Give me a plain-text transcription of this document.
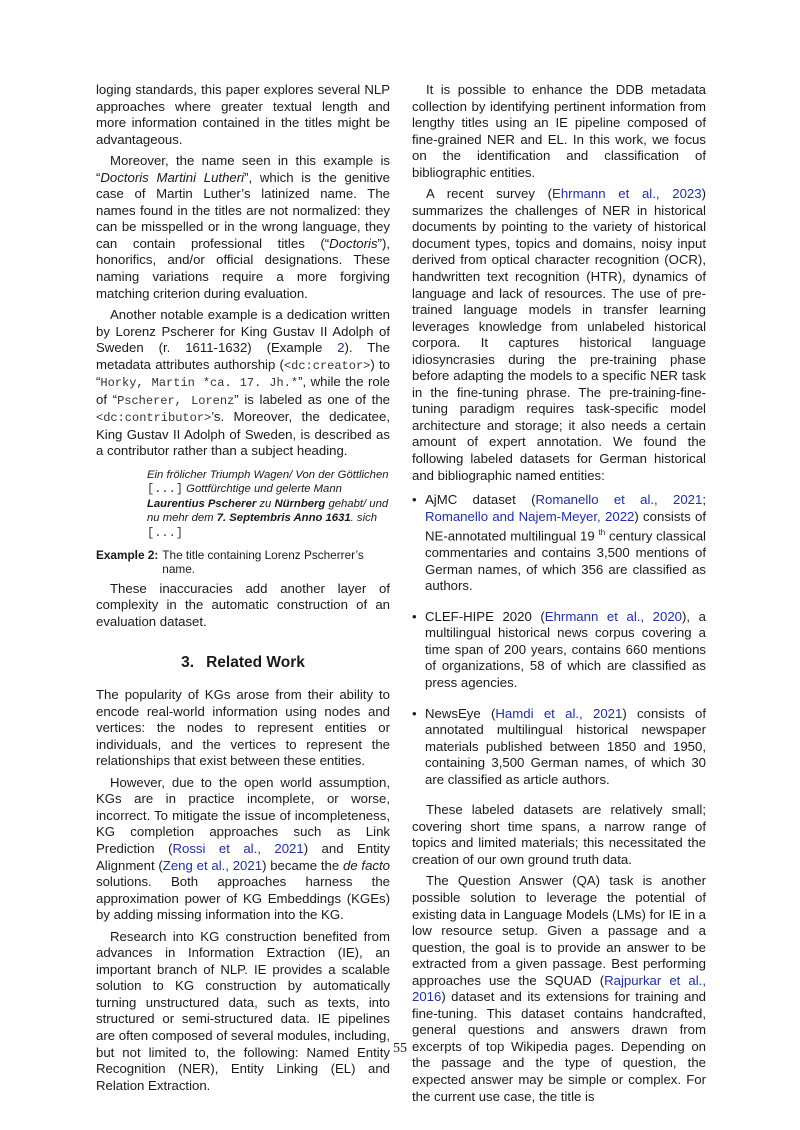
loging standards, this paper explores several NLP approaches where greater textual length and more information contained in the titles might be advantageous.

Moreover, the name seen in this example is “Doctoris Martini Lutheri”, which is the genitive case of Martin Luther’s latinized name. The names found in the titles are not normalized: they can be misspelled or in the wrong language, they can contain professional titles (“Doctoris”), honorifics, and/or official designations. These naming variations require a more forgiving matching criterion during evaluation.

Another notable example is a dedication written by Lorenz Pscherer for King Gustav II Adolph of Sweden (r. 1611-1632) (Example 2). The metadata attributes authorship (<dc:creator>) to “Horky, Martin *ca. 17. Jh.*”, while the role of “Pscherer, Lorenz” is labeled as one of the <dc:contributor>’s. Moreover, the dedicatee, King Gustav II Adolph of Sweden, is described as a contributor rather than a subject heading.

Ein frölicher Triumph Wagen/ Von der Göttlichen [...] Gottfürchtige und gelerte Mann Laurentius Pscherer zu Nürnberg gehabt/ und nu mehr dem 7. Septembris Anno 1631. sich [...]
Example 2: The title containing Lorenz Pscherrer’s name.

These inaccuracies add another layer of complexity in the automatic construction of an evaluation dataset.

3. Related Work

The popularity of KGs arose from their ability to encode real-world information using nodes and vertices: the nodes to represent entities or individuals, and the vertices to represent the relationships that exist between these entities.

However, due to the open world assumption, KGs are in practice incomplete, or worse, incorrect. To mitigate the issue of incompleteness, KG completion approaches such as Link Prediction (Rossi et al., 2021) and Entity Alignment (Zeng et al., 2021) became the de facto solutions. Both approaches harness the approximation power of KG Embeddings (KGEs) by adding missing information into the KG.

Research into KG construction benefited from advances in Information Extraction (IE), an important branch of NLP. IE provides a scalable solution to KG construction by automatically turning unstructured data, such as texts, into structured or semi-structured data. IE pipelines are often composed of several modules, including, but not limited to, the following: Named Entity Recognition (NER), Entity Linking (EL) and Relation Extraction.

It is possible to enhance the DDB metadata collection by identifying pertinent information from lengthy titles using an IE pipeline composed of fine-grained NER and EL. In this work, we focus on the identification and classification of bibliographic entities.

A recent survey (Ehrmann et al., 2023) summarizes the challenges of NER in historical documents by pointing to the variety of historical document types, topics and domains, noisy input derived from optical character recognition (OCR), handwritten text recognition (HTR), dynamics of language and lack of resources. The use of pre-trained language models in transfer learning leverages knowledge from unlabeled historical corpora. It captures historical language idiosyncrasies during the pre-training phase before adapting the models to a specific NER task in the fine-tuning phrase. The pre-training-fine-tuning paradigm requires task-specific model architecture and storage; it also needs a certain amount of expert annotation. We found the following labeled datasets for German historical and bibliographic named entities:

• AjMC dataset (Romanello et al., 2021; Romanello and Najem-Meyer, 2022) consists of NE-annotated multilingual 19 $^{th}$ century classical commentaries and contains 3,500 mentions of German names, of which 356 are classified as authors.
• CLEF-HIPE 2020 (Ehrmann et al., 2020), a multilingual historical news corpus covering a time span of 200 years, contains 660 mentions of organizations, 58 of which are classified as press agencies.
• NewsEye (Hamdi et al., 2021) consists of annotated multilingual historical newspaper materials published between 1850 and 1950, containing 3,500 German names, of which 30 are classified as article authors.

These labeled datasets are relatively small; covering short time spans, a narrow range of topics and limited materials; this necessitated the creation of our own ground truth data.

The Question Answer (QA) task is another possible solution to leverage the potential of existing data in Language Models (LMs) for IE in a low resource setup. Given a passage and a question, the goal is to provide an answer to be extracted from a given passage. Best performing approaches use the SQUAD (Rajpurkar et al., 2016) dataset and its extensions for training and fine-tuning. This dataset contains handcrafted, general questions and answers drawn from excerpts of top Wikipedia pages. Depending on the passage and the type of question, the expected answer may be simple or complex. For the current use case, the title is

55
